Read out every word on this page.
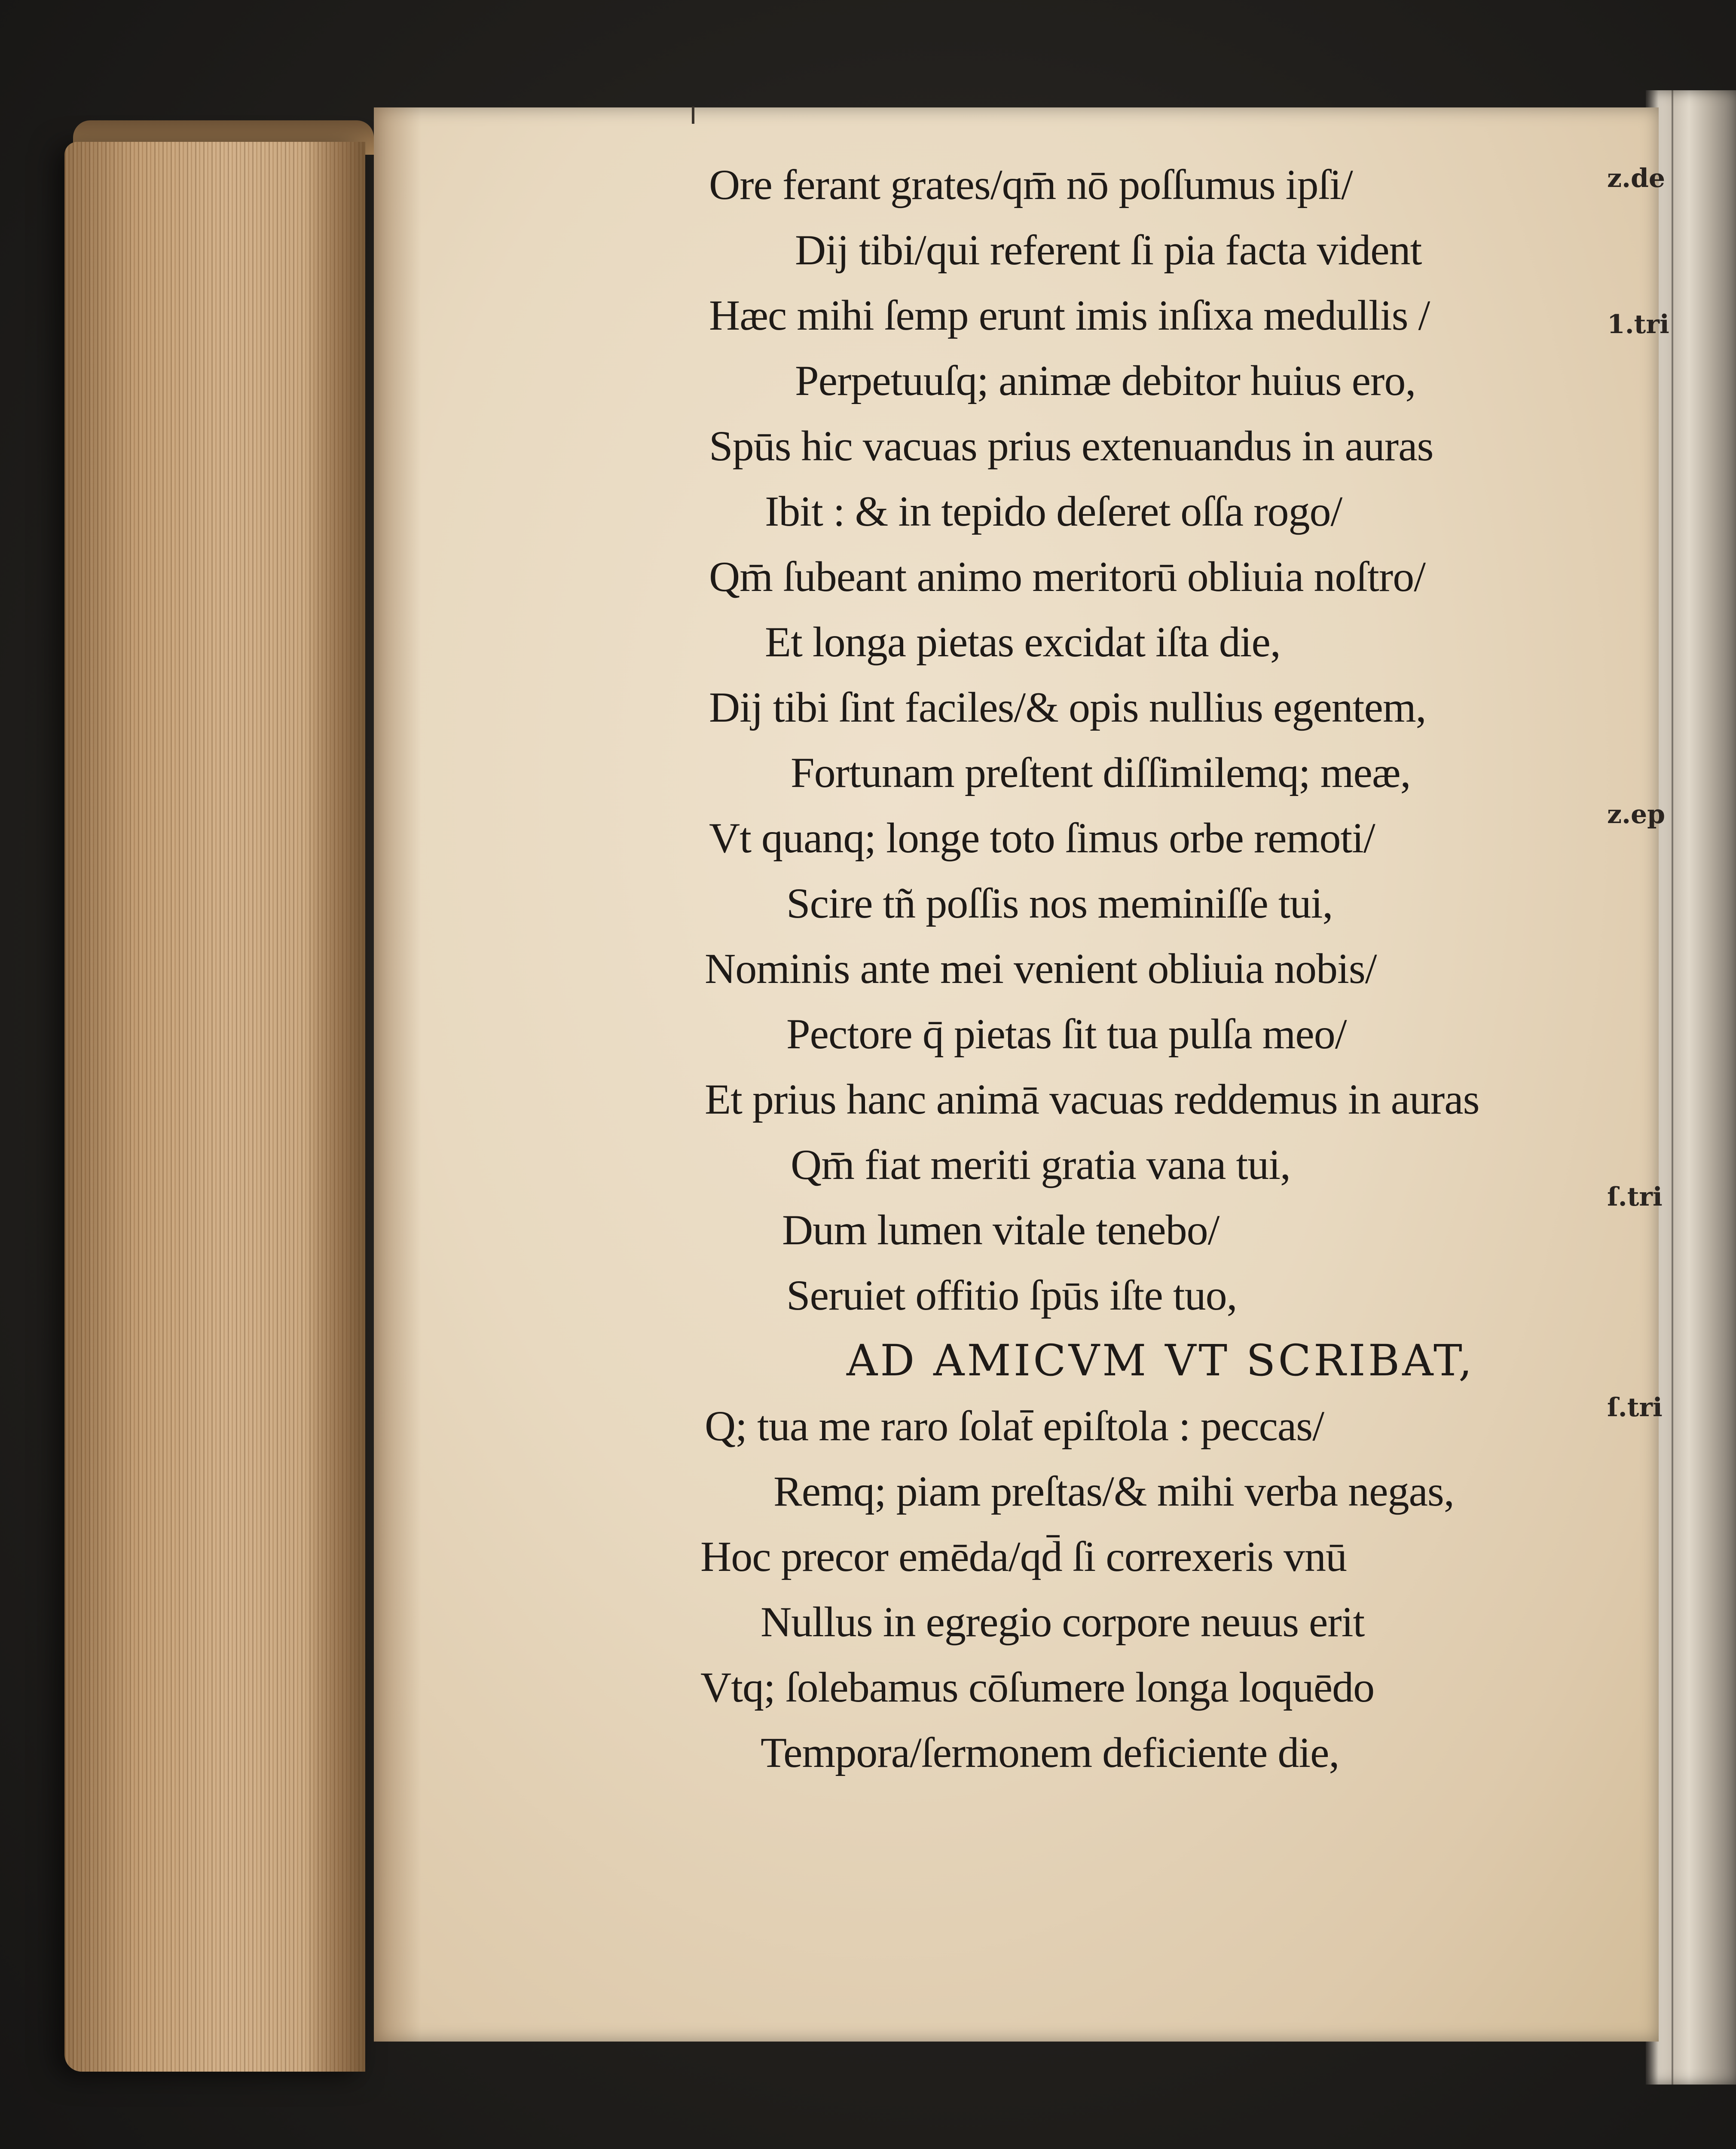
Ore ferant grates/qm̄ nō poſſumus ipſi/
Dij tibi/qui referent ſi pia facta vident
Hæc mihi ſemp erunt imis inſixa medullis /
Perpetuuſq; animæ debitor huius ero,
Spūs hic vacuas prius extenuandus in auras
Ibit : & in tepido deſeret oſſa rogo/
Qm̄ ſubeant animo meritorū obliuia noſtro/
Et longa pietas excidat iſta die,
Dij tibi ſint faciles/& opis nullius egentem,
Fortunam preſtent diſſimilemq; meæ,
Vt quanq; longe toto ſimus orbe remoti/
Scire tñ poſſis nos meminiſſe tui,
Nominis ante mei venient obliuia nobis/
Pectore q̄ pietas ſit tua pulſa meo/
Et prius hanc animā vacuas reddemus in auras
Qm̄ fiat meriti gratia vana tui,
Dum lumen vitale tenebo/
Seruiet offitio ſpūs iſte tuo,
AD AMICVM VT SCRIBAT,
Q; tua me raro ſolat̄ epiſtola : peccas/
Remq; piam preſtas/& mihi verba negas,
Hoc precor emēda/qd̄ ſi correxeris vnū
Nullus in egregio corpore neuus erit
Vtq; ſolebamus cōſumere longa loquēdo
Tempora/ſermonem deficiente die,
z.de
1.tri
z.ep
ſ.tri
ſ.tri
